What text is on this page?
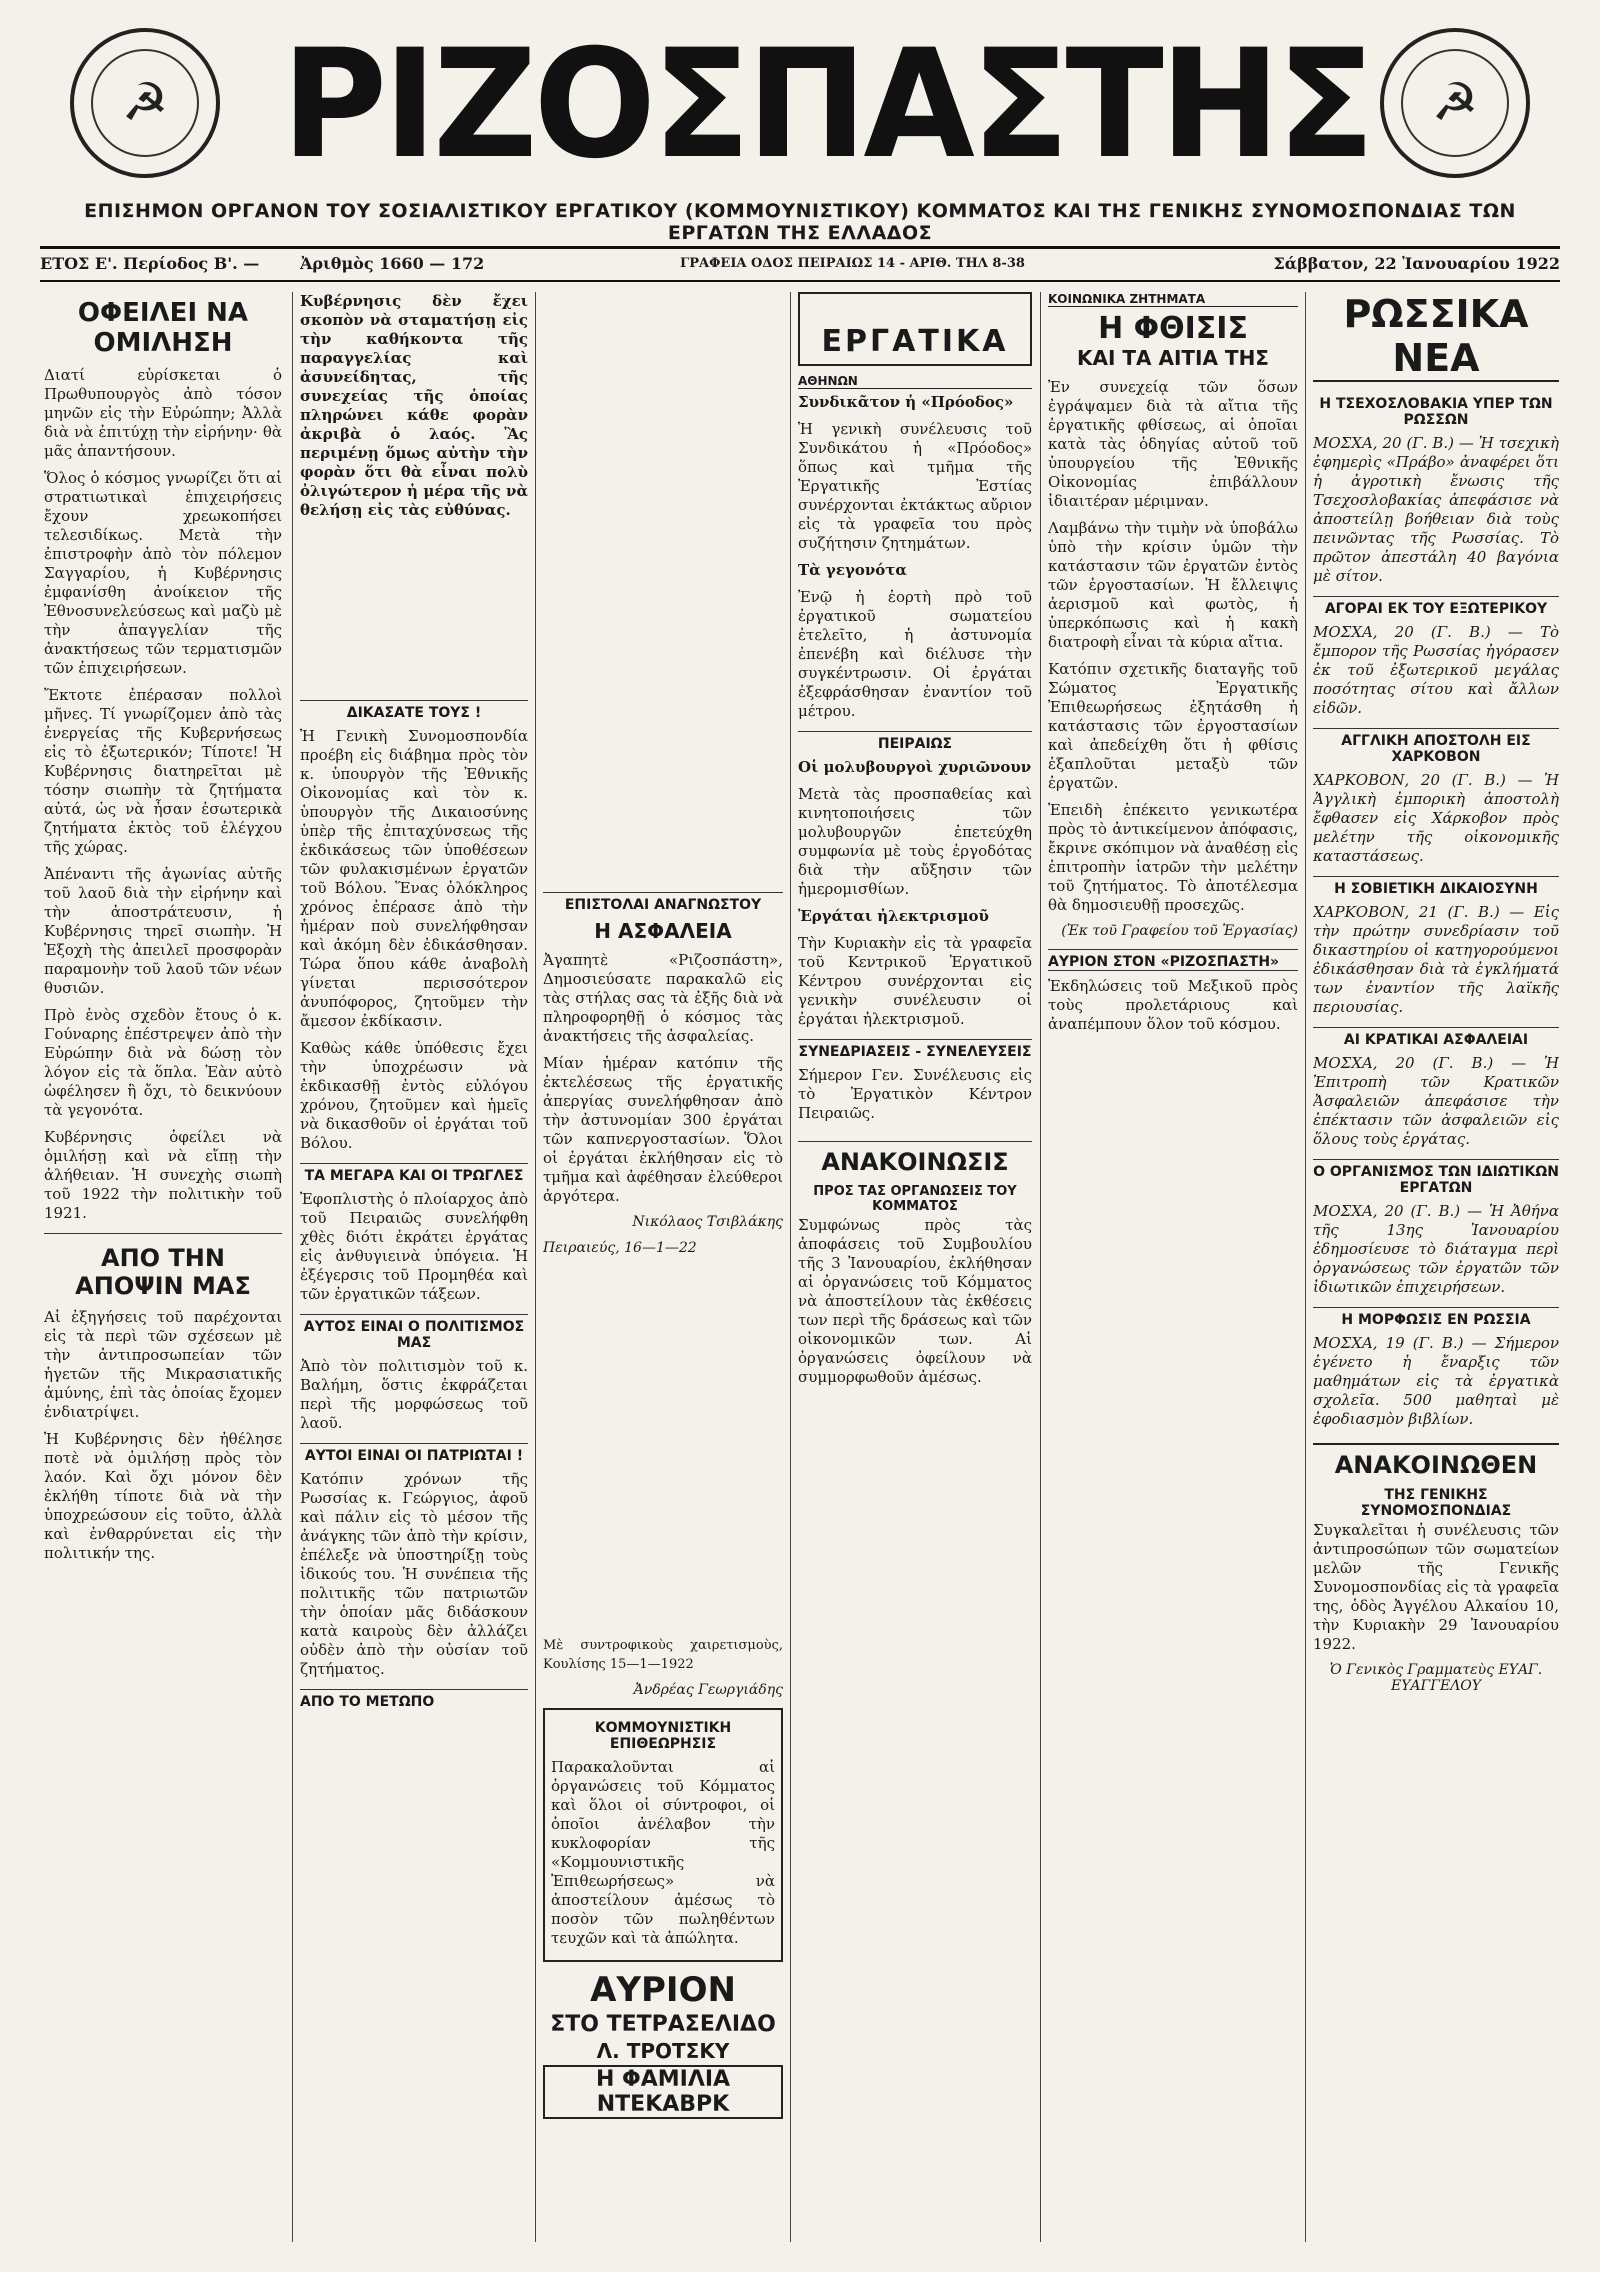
☭	☭
ΡΙΖΟΣΠΑΣΤΗΣ
ΕΠΙΣΗΜΟΝ ΟΡΓΑΝΟΝ ΤΟΥ ΣΟΣΙΑΛΙΣΤΙΚΟΥ ΕΡΓΑΤΙΚΟΥ (ΚΟΜΜΟΥΝΙΣΤΙΚΟΥ) ΚΟΜΜΑΤΟΣ ΚΑΙ ΤΗΣ ΓΕΝΙΚΗΣ ΣΥΝΟΜΟΣΠΟΝΔΙΑΣ ΤΩΝ ΕΡΓΑΤΩΝ ΤΗΣ ΕΛΛΑΔΟΣ
ΕΤΟΣ Ε'. Περίοδος Β'. —	Ἀριθμὸς 1660 — 172	ΓΡΑΦΕΙΑ ΟΔΟΣ ΠΕΙΡΑΙΩΣ 14 - ΑΡΙΘ. ΤΗΛ 8-38	Σάββατον, 22 Ἰανουαρίου 1922
ΟΦΕΙΛΕΙ ΝΑ ΟΜΙΛΗΣΗ

Διατί εὑρίσκεται ὁ Πρωθυπουργὸς ἀπὸ τόσον μηνῶν εἰς τὴν Εὐρώπην; Ἀλλὰ διὰ νὰ ἐπιτύχῃ τὴν εἰρήνην· θὰ μᾶς ἀπαντήσουν.

Ὅλος ὁ κόσμος γνωρίζει ὅτι αἱ στρατιωτικαὶ ἐπιχειρήσεις ἔχουν χρεωκοπήσει τελεσιδίκως. Μετὰ τὴν ἐπιστροφὴν ἀπὸ τὸν πόλεμον Σαγγαρίου, ἡ Κυβέρνησις ἐμφανίσθη ἀνοίκειον τῆς Ἐθνοσυνελεύσεως καὶ μαζὺ μὲ τὴν ἀπαγγελίαν τῆς ἀνακτήσεως τῶν τερματισμῶν τῶν ἐπιχειρήσεων.

Ἔκτοτε ἐπέρασαν πολλοὶ μῆνες. Τί γνωρίζομεν ἀπὸ τὰς ἐνεργείας τῆς Κυβερνήσεως εἰς τὸ ἐξωτερικόν; Τίποτε! Ἡ Κυβέρνησις διατηρεῖται μὲ τόσην σιωπὴν τὰ ζητήματα αὐτά, ὡς νὰ ἦσαν ἐσωτερικὰ ζητήματα ἐκτὸς τοῦ ἐλέγχου τῆς χώρας.

Ἀπέναντι τῆς ἀγωνίας αὐτῆς τοῦ λαοῦ διὰ τὴν εἰρήνην καὶ τὴν ἀποστράτευσιν, ἡ Κυβέρνησις τηρεῖ σιωπὴν. Ἡ Ἑξοχὴ τὴς ἀπειλεῖ προσφορὰν παραμονὴν τοῦ λαοῦ τῶν νέων θυσιῶν.

Πρὸ ἑνὸς σχεδὸν ἔτους ὁ κ. Γούναρης ἐπέστρεψεν ἀπὸ τὴν Εὐρώπην διὰ νὰ δώσῃ τὸν λόγον εἰς τὰ ὅπλα. Ἐὰν αὐτὸ ὠφέλησεν ἢ ὄχι, τὸ δεικνύουν τὰ γεγονότα.

Κυβέρνησις ὀφείλει νὰ ὁμιλήσῃ καὶ νὰ εἴπῃ τὴν ἀλήθειαν. Ἡ συνεχὴς σιωπὴ τοῦ 1922 τὴν πολιτικὴν τοῦ 1921.

ΑΠΟ ΤΗΝ
ΑΠΟΨΙΝ ΜΑΣ

Αἱ ἐξηγήσεις τοῦ παρέχονται εἰς τὰ περὶ τῶν σχέσεων μὲ τὴν ἀντιπροσωπείαν τῶν ἡγετῶν τῆς Μικρασιατικῆς ἀμύνης, ἐπὶ τὰς ὁποίας ἔχομεν ἐνδιατρίψει.

Ἡ Κυβέρνησις δὲν ἠθέλησε ποτὲ νὰ ὁμιλήσῃ πρὸς τὸν λαόν. Καὶ ὄχι μόνον δὲν ἐκλήθη τίποτε διὰ νὰ τὴν ὑποχρεώσουν εἰς τοῦτο, ἀλλὰ καὶ ἐνθαρρύνεται εἰς τὴν πολιτικήν της.

Κυβέρνησις δὲν ἔχει σκοπὸν νὰ σταματήσῃ εἰς τὴν καθήκοντα τῆς παραγγελίας καὶ ἀσυνείδητας, τῆς συνεχείας τῆς ὁποίας πληρώνει κάθε φορὰν ἀκριβὰ ὁ λαός. Ἂς περιμένῃ ὅμως αὐτὴν τὴν φορὰν ὅτι θὰ εἶναι πολὺ ὀλιγώτερον ἡ μέρα τῆς νὰ θελήσῃ εἰς τὰς εὐθύνας.

ΔΙΚΑΣΑΤΕ ΤΟΥΣ !

Ἡ Γενικὴ Συνομοσπονδία προέβη εἰς διάβημα πρὸς τὸν κ. ὑπουργὸν τῆς Ἐθνικῆς Οἰκονομίας καὶ τὸν κ. ὑπουργὸν τῆς Δικαιοσύνης ὑπὲρ τῆς ἐπιταχύνσεως τῆς ἐκδικάσεως τῶν ὑποθέσεων τῶν φυλακισμένων ἐργατῶν τοῦ Βόλου. Ἕνας ὁλόκληρος χρόνος ἐπέρασε ἀπὸ τὴν ἡμέραν ποὺ συνελήφθησαν καὶ ἀκόμη δὲν ἐδικάσθησαν. Τώρα ὅπου κάθε ἀναβολὴ γίνεται περισσότερον ἀνυπόφορος, ζητοῦμεν τὴν ἄμεσον ἐκδίκασιν.

Καθὼς κάθε ὑπόθεσις ἔχει τὴν ὑποχρέωσιν νὰ ἐκδικασθῇ ἐντὸς εὐλόγου χρόνου, ζητοῦμεν καὶ ἡμεῖς νὰ δικασθοῦν οἱ ἐργάται τοῦ Βόλου.

ΤΑ ΜΕΓΑΡΑ ΚΑΙ ΟΙ ΤΡΩΓΛΕΣ

Ἐφοπλιστὴς ὁ πλοίαρχος ἀπὸ τοῦ Πειραιῶς συνελήφθη χθὲς διότι ἐκράτει ἐργάτας εἰς ἀνθυγιεινὰ ὑπόγεια. Ἡ ἐξέγερσις τοῦ Προμηθέα καὶ τῶν ἐργατικῶν τάξεων.

ΑΥΤΟΣ ΕΙΝΑΙ Ο ΠΟΛΙΤΙΣΜΟΣ ΜΑΣ

Ἀπὸ τὸν πολιτισμὸν τοῦ κ. Βαλήμη, ὅστις ἐκφράζεται περὶ τῆς μορφώσεως τοῦ λαοῦ.

ΑΥΤΟΙ ΕΙΝΑΙ ΟΙ ΠΑΤΡΙΩΤΑΙ !

Κατόπιν χρόνων τῆς Ρωσσίας κ. Γεώργιος, ἀφοῦ καὶ πάλιν εἰς τὸ μέσον τῆς ἀνάγκης τῶν ἀπὸ τὴν κρίσιν, ἐπέλεξε νὰ ὑποστηρίξῃ τοὺς ἰδικούς του. Ἡ συνέπεια τῆς πολιτικῆς τῶν πατριωτῶν τὴν ὁποίαν μᾶς διδάσκουν κατὰ καιροὺς δὲν ἀλλάζει οὐδὲν ἀπὸ τὴν οὐσίαν τοῦ ζητήματος.

ΑΠΟ ΤΟ ΜΕΤΩΠΟ
ΕΠΙΣΤΟΛΑΙ ΑΝΑΓΝΩΣΤΟΥ
Η ΑΣΦΑΛΕΙΑ

Ἀγαπητὲ «Ριζοσπάστη», Δημοσιεύσατε παρακαλῶ εἰς τὰς στήλας σας τὰ ἐξῆς διὰ νὰ πληροφορηθῇ ὁ κόσμος τὰς ἀνακτήσεις τῆς ἀσφαλείας.

Μίαν ἡμέραν κατόπιν τῆς ἐκτελέσεως τῆς ἐργατικῆς ἀπεργίας συνελήφθησαν ἀπὸ τὴν ἀστυνομίαν 300 ἐργάται τῶν καπνεργοστασίων. Ὅλοι οἱ ἐργάται ἐκλήθησαν εἰς τὸ τμῆμα καὶ ἀφέθησαν ἐλεύθεροι ἀργότερα.

Νικόλαος Τσιβλάκης
Πειραιεύς, 16—1—22

Μὲ συντροφικοὺς χαιρετισμοὺς, Κουλίσης 15—1—1922

Ἀνδρέας Γεωργιάδης
ΚΟΜΜΟΥΝΙΣΤΙΚΗ ΕΠΙΘΕΩΡΗΣΙΣ

Παρακαλοῦνται αἱ ὀργανώσεις τοῦ Κόμματος καὶ ὅλοι οἱ σύντροφοι, οἱ ὁποῖοι ἀνέλαβον τὴν κυκλοφορίαν τῆς «Κομμουνιστικῆς Ἐπιθεωρήσεως» νὰ ἀποστείλουν ἀμέσως τὸ ποσὸν τῶν πωληθέντων τευχῶν καὶ τὰ ἀπώλητα.

ΑΥΡΙΟΝ
ΣΤΟ ΤΕΤΡΑΣΕΛΙΔΟ
Λ. ΤΡΟΤΣΚΥ
Η ΦΑΜΙΛΙΑ ΝΤΕΚΑΒΡΚ
ΕΡΓΑΤΙΚΑ
ΑΘΗΝΩΝ

Συνδικᾶτον ἡ «Πρόοδος»

Ἡ γενικὴ συνέλευσις τοῦ Συνδικάτου ἡ «Πρόοδος» ὅπως καὶ τμῆμα τῆς Ἐργατικῆς Ἐστίας συνέρχονται ἐκτάκτως αὔριον εἰς τὰ γραφεῖα του πρὸς συζήτησιν ζητημάτων.

Τὰ γεγονότα

Ἐνῷ ἡ ἐορτὴ πρὸ τοῦ ἐργατικοῦ σωματείου ἐτελεῖτο, ἡ ἀστυνομία ἐπενέβη καὶ διέλυσε τὴν συγκέντρωσιν. Οἱ ἐργάται ἐξεφράσθησαν ἐναντίον τοῦ μέτρου.

ΠΕΙΡΑΙΩΣ

Οἱ μολυβουργοὶ χυριῶνουν

Μετὰ τὰς προσπαθείας καὶ κινητοποιήσεις τῶν μολυβουργῶν ἐπετεύχθη συμφωνία μὲ τοὺς ἐργοδότας διὰ τὴν αὔξησιν τῶν ἡμερομισθίων.

Ἐργάται ἠλεκτρισμοῦ

Τὴν Κυριακὴν εἰς τὰ γραφεῖα τοῦ Κεντρικοῦ Ἐργατικοῦ Κέντρου συνέρχονται εἰς γενικὴν συνέλευσιν οἱ ἐργάται ἠλεκτρισμοῦ.

ΣΥΝΕΔΡΙΑΣΕΙΣ - ΣΥΝΕΛΕΥΣΕΙΣ

Σήμερον Γεν. Συνέλευσις εἰς τὸ Ἐργατικὸν Κέντρον Πειραιῶς.

ΑΝΑΚΟΙΝΩΣΙΣ
ΠΡΟΣ ΤΑΣ ΟΡΓΑΝΩΣΕΙΣ ΤΟΥ ΚΟΜΜΑΤΟΣ

Συμφώνως πρὸς τὰς ἀποφάσεις τοῦ Συμβουλίου τῆς 3 Ἰανουαρίου, ἐκλήθησαν αἱ ὀργανώσεις τοῦ Κόμματος νὰ ἀποστείλουν τὰς ἐκθέσεις των περὶ τῆς δράσεως καὶ τῶν οἰκονομικῶν των. Αἱ ὀργανώσεις ὀφείλουν νὰ συμμορφωθοῦν ἀμέσως.

ΚΟΙΝΩΝΙΚΑ ΖΗΤΗΜΑΤΑ
Η ΦΘΙΣΙΣ
ΚΑΙ ΤΑ ΑΙΤΙΑ ΤΗΣ

Ἐν συνεχείᾳ τῶν ὅσων ἐγράψαμεν διὰ τὰ αἴτια τῆς ἐργατικῆς φθίσεως, αἱ ὁποῖαι κατὰ τὰς ὁδηγίας αὐτοῦ τοῦ ὑπουργείου τῆς Ἐθνικῆς Οἰκονομίας ἐπιβάλλουν ἰδιαιτέραν μέριμναν.

Λαμβάνω τὴν τιμὴν νὰ ὑποβάλω ὑπὸ τὴν κρίσιν ὑμῶν τὴν κατάστασιν τῶν ἐργατῶν ἐντὸς τῶν ἐργοστασίων. Ἡ ἔλλειψις ἀερισμοῦ καὶ φωτὸς, ἡ ὑπερκόπωσις καὶ ἡ κακὴ διατροφὴ εἶναι τὰ κύρια αἴτια.

Κατόπιν σχετικῆς διαταγῆς τοῦ Σώματος Ἐργατικῆς Ἐπιθεωρήσεως ἐξητάσθη ἡ κατάστασις τῶν ἐργοστασίων καὶ ἀπεδείχθη ὅτι ἡ φθίσις ἐξαπλοῦται μεταξὺ τῶν ἐργατῶν.

Ἐπειδὴ ἐπέκειτο γενικωτέρα πρὸς τὸ ἀντικείμενον ἀπόφασις, ἔκρινε σκόπιμον νὰ ἀναθέσῃ εἰς ἐπιτροπὴν ἰατρῶν τὴν μελέτην τοῦ ζητήματος. Τὸ ἀποτέλεσμα θὰ δημοσιευθῇ προσεχῶς.

(Ἐκ τοῦ Γραφείου τοῦ Ἐργασίας)
ΑΥΡΙΟΝ ΣΤΟΝ «ΡΙΖΟΣΠΑΣΤΗ»

Ἐκδηλώσεις τοῦ Μεξικοῦ πρὸς τοὺς προλετάριους καὶ ἀναπέμπουν ὅλον τοῦ κόσμου.

ΡΩΣΣΙΚΑ ΝΕΑ
Η ΤΣΕΧΟΣΛΟΒΑΚΙΑ ΥΠΕΡ ΤΩΝ ΡΩΣΣΩΝ

ΜΟΣΧΑ, 20 (Γ. Β.) — Ἡ τσεχικὴ ἐφημερὶς «Πράβο» ἀναφέρει ὅτι ἡ ἀγροτικὴ ἔνωσις τῆς Τσεχοσλοβακίας ἀπεφάσισε νὰ ἀποστείλῃ βοήθειαν διὰ τοὺς πεινῶντας τῆς Ρωσσίας. Τὸ πρῶτον ἀπεστάλη 40 βαγόνια μὲ σίτον.

ΑΓΟΡΑΙ ΕΚ ΤΟΥ ΕΞΩΤΕΡΙΚΟΥ

ΜΟΣΧΑ, 20 (Γ. Β.) — Τὸ ἔμπορον τῆς Ρωσσίας ἠγόρασεν ἐκ τοῦ ἐξωτερικοῦ μεγάλας ποσότητας σίτου καὶ ἄλλων εἰδῶν.

ΑΓΓΛΙΚΗ ΑΠΟΣΤΟΛΗ ΕΙΣ ΧΑΡΚΟΒΟΝ

ΧΑΡΚΟΒΟΝ, 20 (Γ. Β.) — Ἡ Ἀγγλικὴ ἐμπορικὴ ἀποστολὴ ἔφθασεν εἰς Χάρκοβον πρὸς μελέτην τῆς οἰκονομικῆς καταστάσεως.

Η ΣΟΒΙΕΤΙΚΗ ΔΙΚΑΙΟΣΥΝΗ

ΧΑΡΚΟΒΟΝ, 21 (Γ. Β.) — Εἰς τὴν πρώτην συνεδρίασιν τοῦ δικαστηρίου οἱ κατηγορούμενοι ἐδικάσθησαν διὰ τὰ ἐγκλήματά των ἐναντίον τῆς λαϊκῆς περιουσίας.

ΑΙ ΚΡΑΤΙΚΑΙ ΑΣΦΑΛΕΙΑΙ

ΜΟΣΧΑ, 20 (Γ. Β.) — Ἡ Ἐπιτροπὴ τῶν Κρατικῶν Ἀσφαλειῶν ἀπεφάσισε τὴν ἐπέκτασιν τῶν ἀσφαλειῶν εἰς ὅλους τοὺς ἐργάτας.

Ο ΟΡΓΑΝΙΣΜΟΣ ΤΩΝ ΙΔΙΩΤΙΚΩΝ ΕΡΓΑΤΩΝ

ΜΟΣΧΑ, 20 (Γ. Β.) — Ἡ Ἀθήνα τῆς 13ης Ἰανουαρίου ἐδημοσίευσε τὸ διάταγμα περὶ ὀργανώσεως τῶν ἐργατῶν τῶν ἰδιωτικῶν ἐπιχειρήσεων.

Η ΜΟΡΦΩΣΙΣ ΕΝ ΡΩΣΣΙΑ

ΜΟΣΧΑ, 19 (Γ. Β.) — Σήμερον ἐγένετο ἡ ἔναρξις τῶν μαθημάτων εἰς τὰ ἐργατικὰ σχολεῖα. 500 μαθηταὶ μὲ ἐφοδιασμὸν βιβλίων.

ΑΝΑΚΟΙΝΩΘΕΝ
ΤΗΣ ΓΕΝΙΚΗΣ ΣΥΝΟΜΟΣΠΟΝΔΙΑΣ

Συγκαλεῖται ἡ συνέλευσις τῶν ἀντιπροσώπων τῶν σωματείων μελῶν τῆς Γενικῆς Συνομοσπονδίας εἰς τὰ γραφεῖα της, ὁδὸς Ἀγγέλου Αλκαίου 10, τὴν Κυριακὴν 29 Ἰανουαρίου 1922.

Ὁ Γενικὸς Γραμματεὺς ΕΥΑΓ. ΕΥΑΓΓΕΛΟΥ
